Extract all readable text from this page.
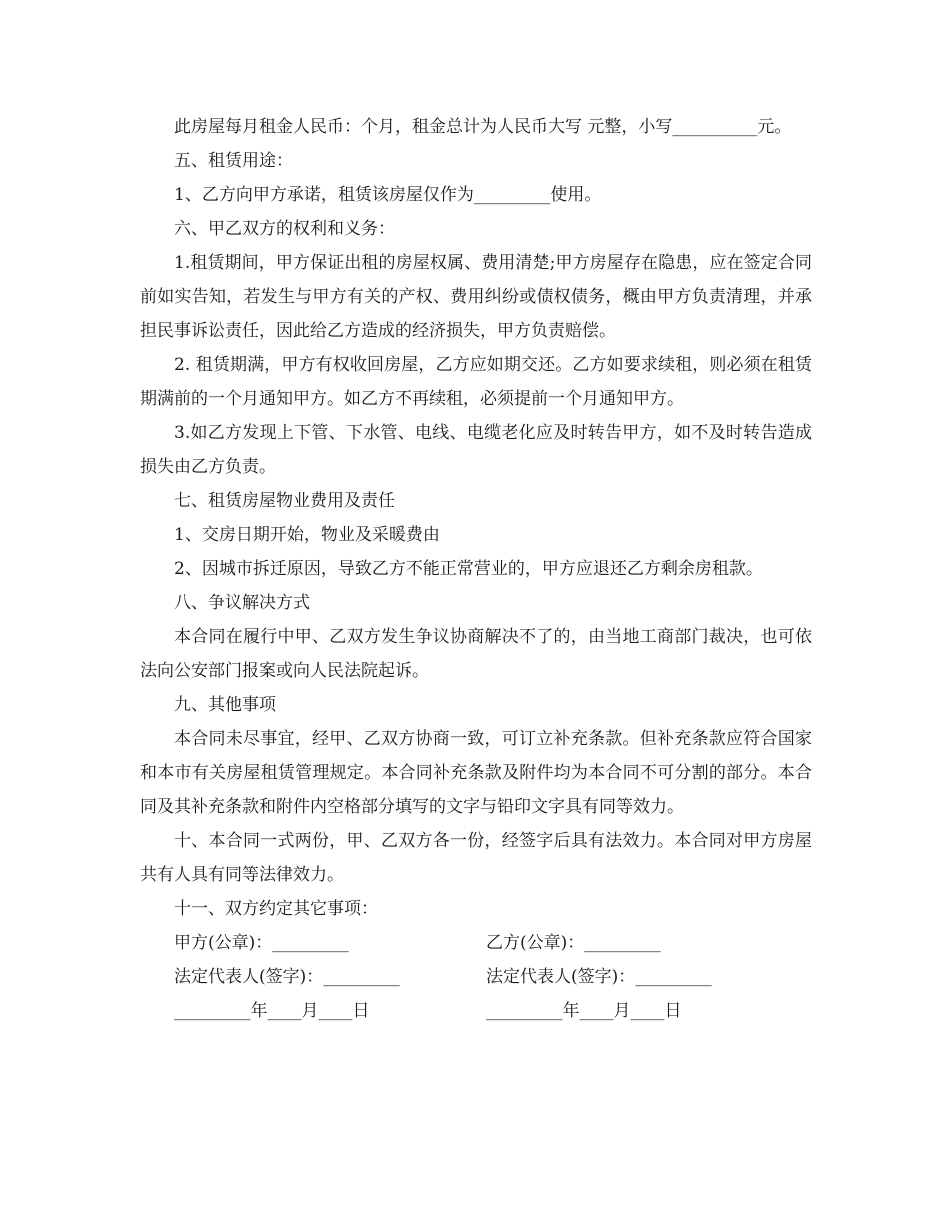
此房屋每月租金人民币：个月，租金总计为人民币大写 元整，小写__________元。

五、租赁用途：

1、乙方向甲方承诺，租赁该房屋仅作为_________使用。

六、甲乙双方的权利和义务：

1.租赁期间，甲方保证出租的房屋权属、费用清楚;甲方房屋存在隐患，应在签定合同前如实告知，若发生与甲方有关的产权、费用纠纷或债权债务，概由甲方负责清理，并承担民事诉讼责任，因此给乙方造成的经济损失，甲方负责赔偿。

2. 租赁期满，甲方有权收回房屋，乙方应如期交还。乙方如要求续租，则必须在租赁期满前的一个月通知甲方。如乙方不再续租，必须提前一个月通知甲方。

3.如乙方发现上下管、下水管、电线、电缆老化应及时转告甲方，如不及时转告造成损失由乙方负责。

七、租赁房屋物业费用及责任

1、交房日期开始，物业及采暖费由

2、因城市拆迁原因，导致乙方不能正常营业的，甲方应退还乙方剩余房租款。

八、争议解决方式

本合同在履行中甲、乙双方发生争议协商解决不了的，由当地工商部门裁决，也可依法向公安部门报案或向人民法院起诉。

九、其他事项

本合同未尽事宜，经甲、乙双方协商一致，可订立补充条款。但补充条款应符合国家和本市有关房屋租赁管理规定。本合同补充条款及附件均为本合同不可分割的部分。本合同及其补充条款和附件内空格部分填写的文字与铅印文字具有同等效力。

十、本合同一式两份，甲、乙双方各一份，经签字后具有法效力。本合同对甲方房屋共有人具有同等法律效力。

十一、双方约定其它事项：

甲方(公章)：_________	乙方(公章)：_________
法定代表人(签字)：_________	法定代表人(签字)：_________
_________年____月____日	_________年____月____日
